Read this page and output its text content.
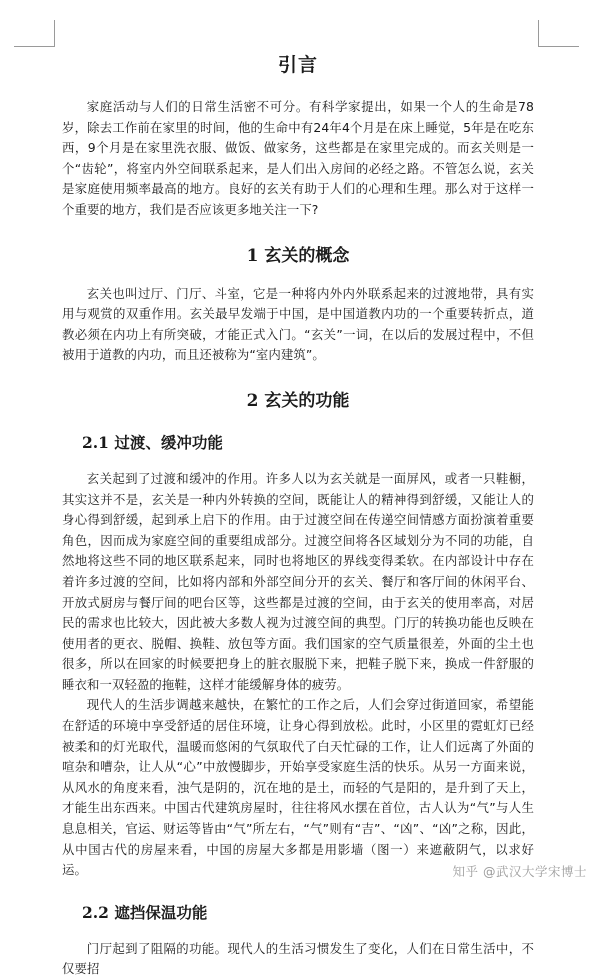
引言

家庭活动与人们的日常生活密不可分。有科学家提出，如果一个人的生命是78岁，除去工作前在家里的时间，他的生命中有24年4个月是在床上睡觉，5年是在吃东西，9个月是在家里洗衣服、做饭、做家务，这些都是在家里完成的。而玄关则是一个“齿轮”，将室内外空间联系起来，是人们出入房间的必经之路。不管怎么说，玄关是家庭使用频率最高的地方。良好的玄关有助于人们的心理和生理。那么对于这样一个重要的地方，我们是否应该更多地关注一下?

1 玄关的概念

玄关也叫过厅、门厅、斗室，它是一种将内外内外联系起来的过渡地带，具有实用与观赏的双重作用。玄关最早发端于中国，是中国道教内功的一个重要转折点，道教必须在内功上有所突破，才能正式入门。“玄关”一词，在以后的发展过程中，不但被用于道教的内功，而且还被称为“室内建筑”。

2 玄关的功能
2.1 过渡、缓冲功能

玄关起到了过渡和缓冲的作用。许多人以为玄关就是一面屏风，或者一只鞋橱，其实这并不是，玄关是一种内外转换的空间，既能让人的精神得到舒缓，又能让人的身心得到舒缓，起到承上启下的作用。由于过渡空间在传递空间情感方面扮演着重要角色，因而成为家庭空间的重要组成部分。过渡空间将各区域划分为不同的功能，自然地将这些不同的地区联系起来，同时也将地区的界线变得柔软。在内部设计中存在着许多过渡的空间，比如将内部和外部空间分开的玄关、餐厅和客厅间的休闲平台、开放式厨房与餐厅间的吧台区等，这些都是过渡的空间，由于玄关的使用率高，对居民的需求也比较大，因此被大多数人视为过渡空间的典型。门厅的转换功能也反映在使用者的更衣、脱帽、换鞋、放包等方面。我们国家的空气质量很差，外面的尘土也很多，所以在回家的时候要把身上的脏衣服脱下来，把鞋子脱下来，换成一件舒服的睡衣和一双轻盈的拖鞋，这样才能缓解身体的疲劳。

现代人的生活步调越来越快，在繁忙的工作之后，人们会穿过街道回家，希望能在舒适的环境中享受舒适的居住环境，让身心得到放松。此时，小区里的霓虹灯已经被柔和的灯光取代，温暖而悠闲的气氛取代了白天忙碌的工作，让人们远离了外面的喧杂和嘈杂，让人从“心”中放慢脚步，开始享受家庭生活的快乐。从另一方面来说，从风水的角度来看，浊气是阴的，沉在地的是土，而轻的气是阳的，是升到了天上，才能生出东西来。中国古代建筑房屋时，往往将风水摆在首位，古人认为“气”与人生息息相关，官运、财运等皆由“气”所左右，“气”则有“吉”、“凶”、“凶”之称，因此，从中国古代的房屋来看，中国的房屋大多都是用影墙（图一）来遮蔽阴气，以求好运。

2.2 遮挡保温功能

门厅起到了阻隔的功能。现代人的生活习惯发生了变化，人们在日常生活中，不仅要招

知乎 @武汉大学宋博士
